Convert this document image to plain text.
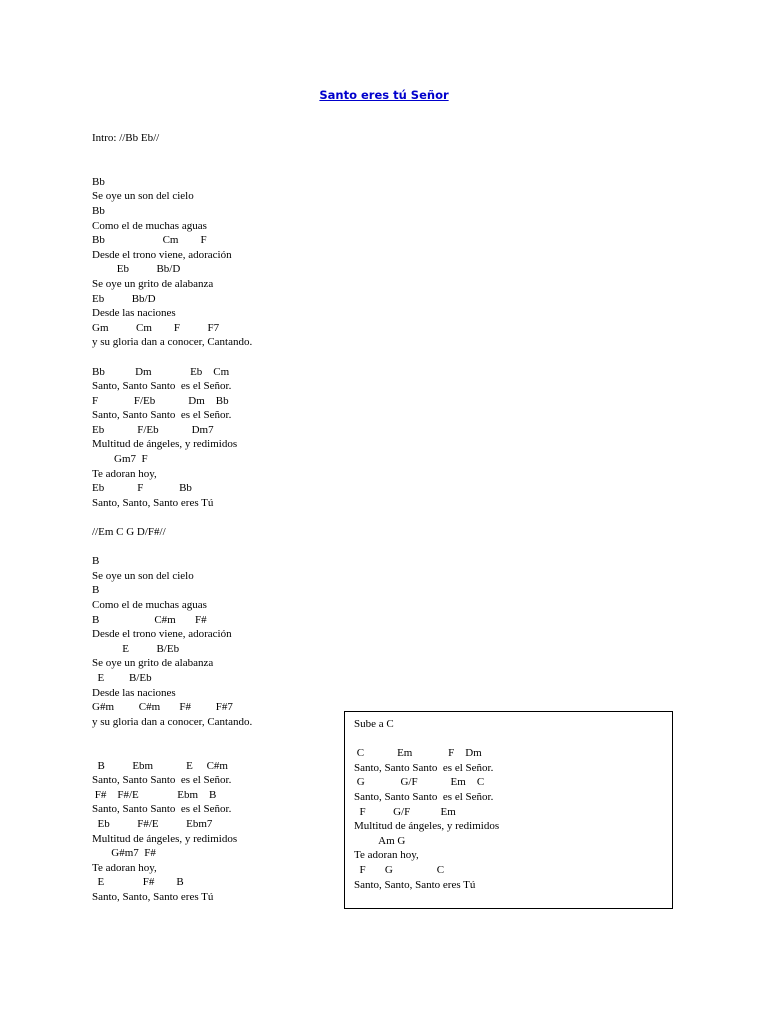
Santo eres tú Señor
Intro: //Bb Eb//
Bb
Se oye un son del cielo
Bb
Como el de muchas aguas
Bb                     Cm        F
Desde el trono viene, adoración
Eb          Bb/D
Se oye un grito de alabanza
Eb          Bb/D
Desde las naciones
Gm          Cm        F          F7
y su gloria dan a conocer, Cantando.
Bb           Dm              Eb    Cm
Santo, Santo Santo  es el Señor.
F             F/Eb            Dm    Bb
Santo, Santo Santo  es el Señor.
Eb            F/Eb            Dm7
Multitud de ángeles, y redimidos
Gm7  F
Te adoran hoy,
Eb            F             Bb
Santo, Santo, Santo eres Tú
//Em C G D/F#//
B
Se oye un son del cielo
B
Como el de muchas aguas
B                    C#m       F#
Desde el trono viene, adoración
E          B/Eb
Se oye un grito de alabanza
E         B/Eb
Desde las naciones
G#m         C#m       F#         F#7
y su gloria dan a conocer, Cantando.
B          Ebm            E     C#m
Santo, Santo Santo  es el Señor.
F#    F#/E              Ebm    B
Santo, Santo Santo  es el Señor.
Eb          F#/E          Ebm7
Multitud de ángeles, y redimidos
G#m7  F#
Te adoran hoy,
E              F#        B
Santo, Santo, Santo eres Tú
Sube a C
C            Em             F    Dm
Santo, Santo Santo  es el Señor.
G             G/F            Em    C
Santo, Santo Santo  es el Señor.
F          G/F           Em
Multitud de ángeles, y redimidos
Am G
Te adoran hoy,
F       G                C
Santo, Santo, Santo eres Tú
